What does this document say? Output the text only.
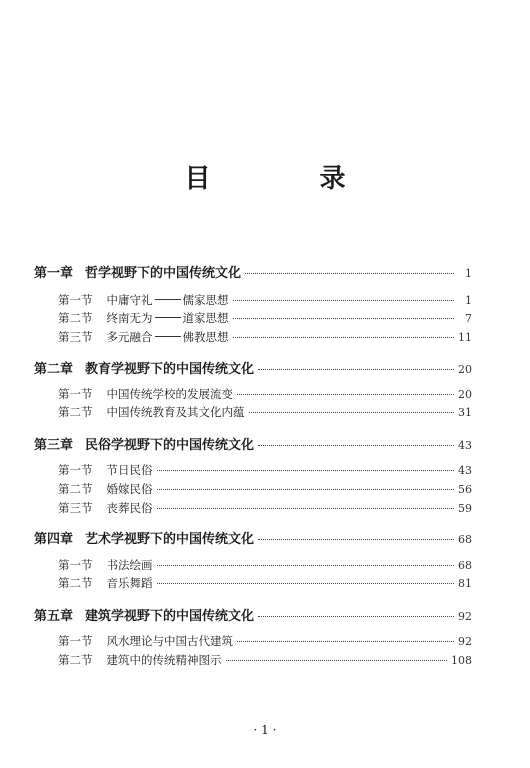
目 录
第一章 哲学视野下的中国传统文化	1
第一节 中庸守礼	儒家思想	1
第二节 终南无为	道家思想	7
第三节 多元融合	佛教思想	11
第二章 教育学视野下的中国传统文化	20
第一节 中国传统学校的发展流变	20
第二节 中国传统教育及其文化内蕴	31
第三章 民俗学视野下的中国传统文化	43
第一节 节日民俗	43
第二节 婚嫁民俗	56
第三节 丧葬民俗	59
第四章 艺术学视野下的中国传统文化	68
第一节 书法绘画	68
第二节 音乐舞蹈	81
第五章 建筑学视野下的中国传统文化	92
第一节 风水理论与中国古代建筑	92
第二节 建筑中的传统精神图示	108
· 1 ·
